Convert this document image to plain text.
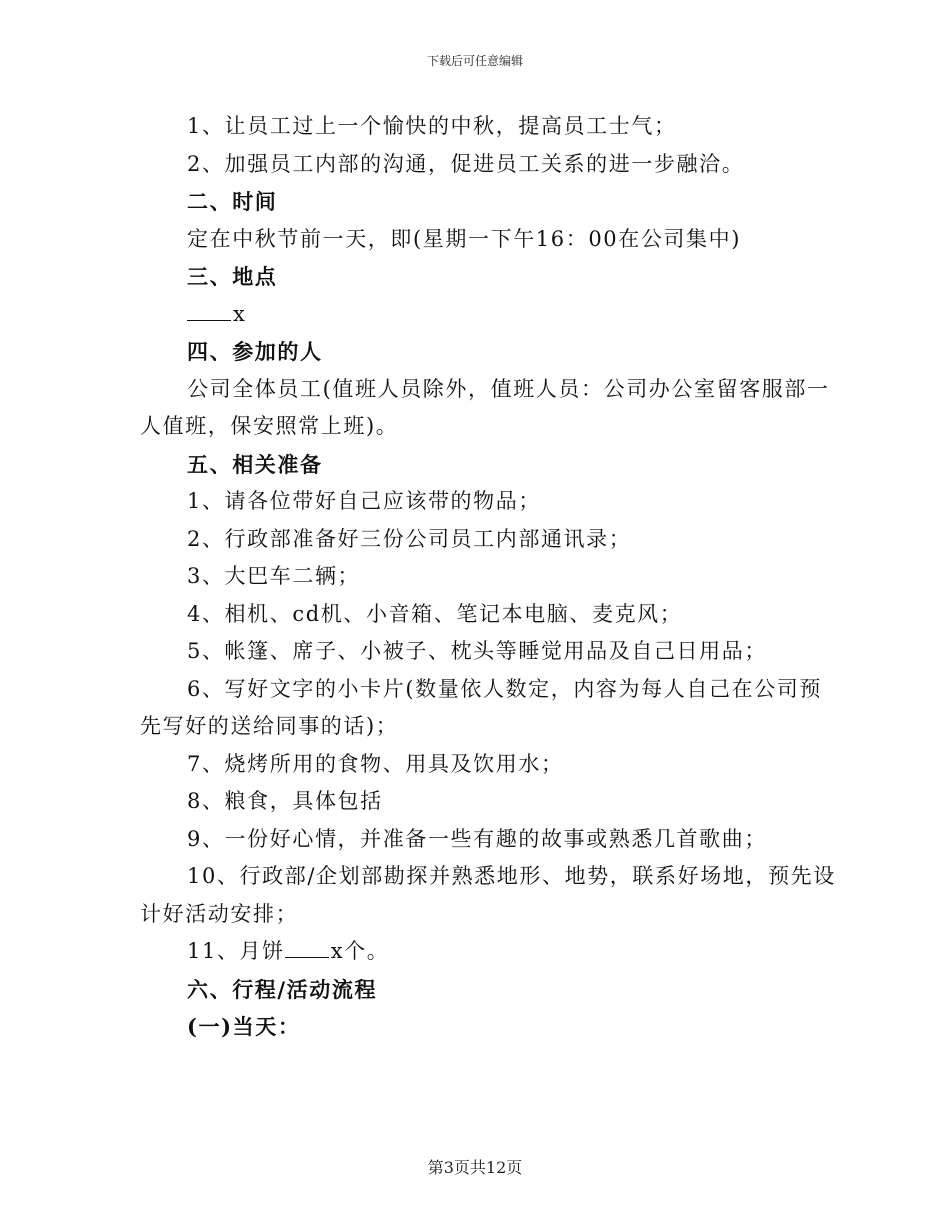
下载后可任意编辑
1、让员工过上一个愉快的中秋，提高员工士气；
2、加强员工内部的沟通，促进员工关系的进一步融洽。
二、时间
定在中秋节前一天，即(星期一下午16：00在公司集中)
三、地点
x
四、参加的人
公司全体员工(值班人员除外，值班人员：公司办公室留客服部一
人值班，保安照常上班)。
五、相关准备
1、请各位带好自己应该带的物品；
2、行政部准备好三份公司员工内部通讯录；
3、大巴车二辆；
4、相机、cd机、小音箱、笔记本电脑、麦克风；
5、帐篷、席子、小被子、枕头等睡觉用品及自己日用品；
6、写好文字的小卡片(数量依人数定，内容为每人自己在公司预
先写好的送给同事的话)；
7、烧烤所用的食物、用具及饮用水；
8、粮食，具体包括
9、一份好心情，并准备一些有趣的故事或熟悉几首歌曲；
10、行政部/企划部勘探并熟悉地形、地势，联系好场地，预先设
计好活动安排；
11、月饼 x个。
六、行程/活动流程
(一)当天：
第3页共12页
